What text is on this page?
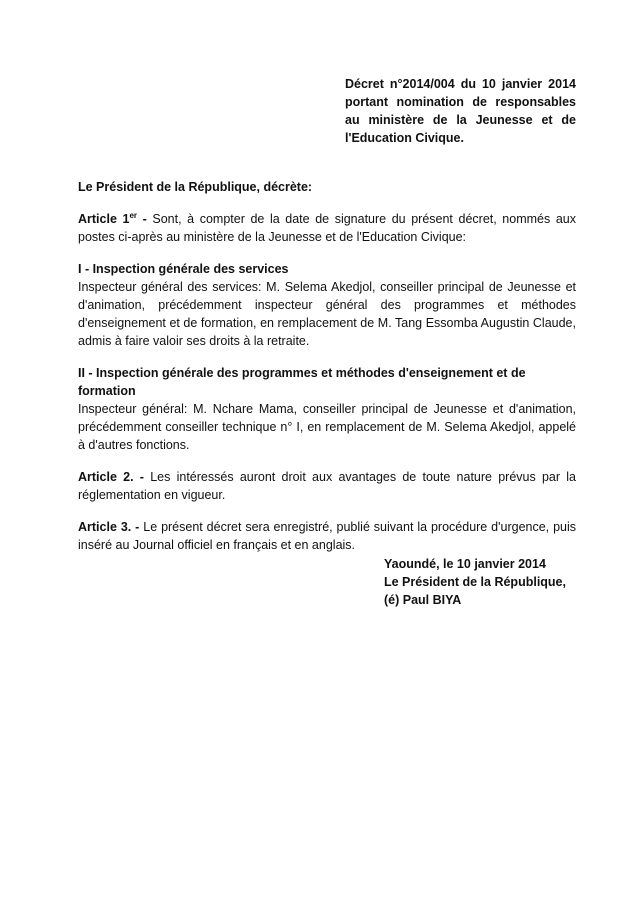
Décret n°2014/004 du 10 janvier 2014 portant nomination de responsables au ministère de la Jeunesse et de l'Education Civique.

Le Président de la République, décrète:

Article 1er - Sont, à compter de la date de signature du présent décret, nommés aux postes ci-après au ministère de la Jeunesse et de l'Education Civique:

I - Inspection générale des services
Inspecteur général des services: M. Selema Akedjol, conseiller principal de Jeunesse et d'animation, précédemment inspecteur général des programmes et méthodes d'enseignement et de formation, en remplacement de M. Tang Essomba Augustin Claude, admis à faire valoir ses droits à la retraite.

II - Inspection générale des programmes et méthodes d'enseignement et de formation
Inspecteur général: M. Nchare Mama, conseiller principal de Jeunesse et d'animation, précédemment conseiller technique n° I, en remplacement de M. Selema Akedjol, appelé à d'autres fonctions.

Article 2. - Les intéressés auront droit aux avantages de toute nature prévus par la réglementation en vigueur.

Article 3. - Le présent décret sera enregistré, publié suivant la procédure d'urgence, puis inséré au Journal officiel en français et en anglais.

Yaoundé, le 10 janvier 2014
Le Président de la République,
(é) Paul BIYA
